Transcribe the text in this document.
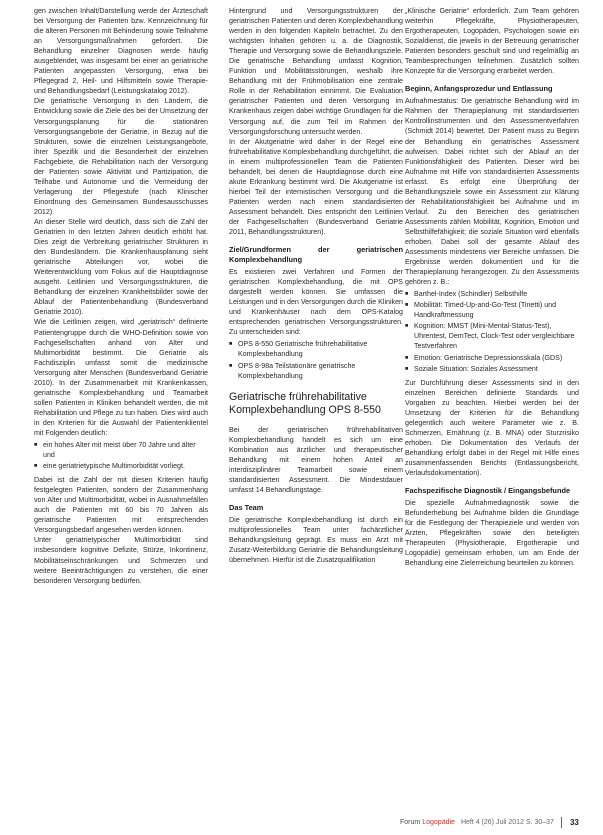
gen zwischen Inhalt/Darstellung werde der Ärzteschaft bei Versorgung der Patienten bzw. Kennzeichnung für die älteren Personen mit Behinderung sowie Teilnahme an Versorgungsmaßnahmen gefordert. Die Behandlung einzelner Diagnosen werde häufig ausgeblendet, was insgesamt bei einer an geriatrische Patienten angepassten Versorgung, etwa bei Pflegegrad 2, Heil- und Hilfsmitteln sowie Therapie- und Behandlungsbedarf (Leistungskatalog 2012).

Die geriatrische Versorgung in den Ländern, die Entwicklung sowie die Ziele des bei der Umsetzung der Versorgungsplanung für die stationären Versorgungsangebote der Geriatrie, in Bezug auf die Strukturen, sowie die einzelnen Leistungsangebote, ihrer Spezifik und die Besonderheit der einzelnen Fachgebiete, die Rehabilitation nach der Versorgung der Patienten sowie Aktivität und Partizipation, die Teilhabe und Autonomie und die Vermeidung der Verlagerung der Pflegestufe (nach Klinischer Einordnung des Gemeinsamen Bundesausschusses 2012).

An dieser Stelle wird deutlich, dass sich die Zahl der Geriatrien in den letzten Jahren deutlich erhöht hat. Dies zeigt die Verbreitung geriatrischer Strukturen in den Bundesländern. Die Krankenhausplanung sieht geriatrische Abteilungen vor, wobei die Weiterentwicklung vom Fokus auf die Hauptdiagnose ausgeht. Leitlinien und Versorgungsstrukturen, die Behandlung der einzelnen Krankheitsbilder sowie der Ablauf der Patientenbehandlung (Bundesverband Geriatrie 2010).

Wie die Leitlinien zeigen, wird „geriatrisch“ definierte Patientengruppe durch die WHO-Definition sowie von Fachgesellschaften anhand von Alter und Multimorbidität bestimmt. Die Geriatrie als Fachdisziplin umfasst somit die medizinische Versorgung alter Menschen (Bundesverband Geriatrie 2010). In der Zusammenarbeit mit Krankenkassen, geriatrische Komplexbehandlung und Teamarbeit sollen Patienten in Kliniken behandelt werden, die mit Rehabilitation und Pflege zu tun haben. Dies wird auch in den Kriterien für die Auswahl der Patientenklientel mit Folgenden deutlich:

■ ein hohes Alter mit meist über 70 Jahre und älter und
■ eine geriatrietypische Multimorbidität vorliegt.

Dabei ist die Zahl der mit diesen Kriterien häufig festgelegten Patienten, sondern der Zusammenhang von Alter und Multimorbidität, wobei in Ausnahmefällen auch die Patienten mit 60 bis 70 Jahren als geriatrische Patienten mit entsprechenden Versorgungsbedarf angesehen werden können.

Unter geriatrietypischer Multimorbidität sind insbesondere kognitive Defizite, Stürze, Inkontinenz, Mobilitätseinschränkungen und Schmerzen und weitere Beeinträchtigungen zu verstehen, die einer besonderen Versorgung bedürfen.

Hintergrund und Versorgungsstrukturen der geriatrischen Patienten und deren Komplexbehandlung werden in den folgenden Kapiteln betrachtet. Zu den wichtigsten Inhalten gehören u. a. die Diagnostik, Therapie und Versorgung sowie die Behandlungsziele. Die geriatrische Behandlung umfasst Kognition, Funktion und Mobilitätsstörungen, weshalb ihre Behandlung mit der Frühmobilisation eine zentrale Rolle in der Rehabilitation einnimmt. Die Evaluation geriatrischer Patienten und deren Versorgung im Krankenhaus zeigen dabei wichtige Grundlagen für die Versorgung auf, die zum Teil im Rahmen der Versorgungsforschung untersucht werden.

In der Akutgeriatrie wird daher in der Regel eine frührehabilitative Komplexbehandlung durchgeführt, die in einem multiprofessionellen Team die Patienten behandelt, bei denen die Hauptdiagnose durch eine akute Erkrankung bestimmt wird. Die Akutgeriatrie ist hierbei Teil der internistischen Versorgung und die Patienten werden nach einem standardisierten Assessment behandelt. Dies entspricht den Leitlinien der Fachgesellschaften (Bundesverband Geriatrie 2011, Behandlungsstrukturen).

Ziel/Grundformen der geriatrischen Komplexbehandlung

Es existieren zwei Verfahren und Formen der geriatrischen Komplexbehandlung, die mit OPS dargestellt werden können. Sie umfassen die Leistungen und in den Versorgungen durch die Kliniken und Krankenhäuser nach dem OPS-Katalog entsprechenden geriatrischen Versorgungsstrukturen. Zu unterscheiden sind:

■ OPS 8-550 Geriatrische frührehabilitative Komplexbehandlung
■ OPS 8-98a Teilstationäre geriatrische Komplexbehandlung
Geriatrische frührehabilitative Komplexbehandlung OPS 8-550

Bei der geriatrischen frührehabilitativen Komplexbehandlung handelt es sich um eine Kombination aus ärztlicher und therapeutischer Behandlung mit einem hohen Anteil an interdisziplinärer Teamarbeit sowie einem standardisierten Assessment. Die Mindestdauer umfasst 14 Behandlungstage.

Das Team

Die geriatrische Komplexbehandlung ist durch ein multiprofessionelles Team unter fachärztlicher Behandlungsleitung geprägt. Es muss ein Arzt mit Zusatz-Weiterbildung Geriatrie die Behandlungsleitung übernehmen. Hierfür ist die Zusatzqualifikation

„Klinische Geriatrie“ erforderlich. Zum Team gehören weiterhin Pflegekräfte, Physiotherapeuten, Ergotherapeuten, Logopäden, Psychologen sowie ein Sozialdienst, die jeweils in der Betreuung geriatrischer Patienten besonders geschult sind und regelmäßig an Teambesprechungen teilnehmen. Zusätzlich sollten Konzepte für die Versorgung erarbeitet werden.

Beginn, Anfangsprozedur und Entlassung

Aufnahmestatus: Die geriatrische Behandlung wird im Rahmen der Therapieplanung mit standardisierten Kontrollinstrumenten und den Assessmentverfahren (Schmidt 2014) bewertet. Der Patient muss zu Beginn der Behandlung ein geriatrisches Assessment aufweisen. Dabei richtet sich der Ablauf an der Funktionsfähigkeit des Patienten. Dieser wird bei Aufnahme mit Hilfe von standardisierten Assessments erfasst. Es erfolgt eine Überprüfung der Behandlungsziele sowie ein Assessment zur Klärung der Rehabilitationsfähigkeit bei Aufnahme und im Verlauf. Zu den Bereichen des geriatrischen Assessments zählen Mobilität, Kognition, Emotion und Selbsthilfefähigkeit; die soziale Situation wird ebenfalls erhoben. Dabei soll der gesamte Ablauf des Assessments mindestens vier Bereiche umfassen. Die Ergebnisse werden dokumentiert und für die Therapieplanung herangezogen. Zu den Assessments gehören z. B.:

■ Barthel-Index (Schindler) Selbsthilfe
■ Mobilität: Timed-Up-and-Go-Test (Tinetti) und Handkraftmessung
■ Kognition: MMST (Mini-Mental-Status-Test), Uhrentest, DemTect, Clock-Test oder vergleichbare Testverfahren
■ Emotion: Geriatrische Depressionsskala (GDS)
■ Soziale Situation: Soziales Assessment

Zur Durchführung dieser Assessments sind in den einzelnen Bereichen definierte Standards und Vorgaben zu beachten. Hierbei werden bei der Umsetzung der Kriterien für die Behandlung gelegentlich auch weitere Parameter wie z. B. Schmerzen, Ernährung (z. B. MNA) oder Sturzrisiko erhoben. Die Dokumentation des Verlaufs der Behandlung erfolgt dabei in der Regel mit Hilfe eines zusammenfassenden Berichts (Entlassungsbericht, Verlaufsdokumentation).

Fachspezifische Diagnostik / Eingangsbefunde

Die spezielle Aufnahmediagnostik sowie die Befunderhebung bei Aufnahme bilden die Grundlage für die Festlegung der Therapieziele und werden von Ärzten, Pflegekräften sowie den beteiligten Therapeuten (Physiotherapie, Ergotherapie und Logopädie) gemeinsam erhoben, um am Ende der Behandlung eine Zielerreichung beurteilen zu können.

Forum Logopädie Heft 4 (26) Juli 2012 S. 30–37 33
